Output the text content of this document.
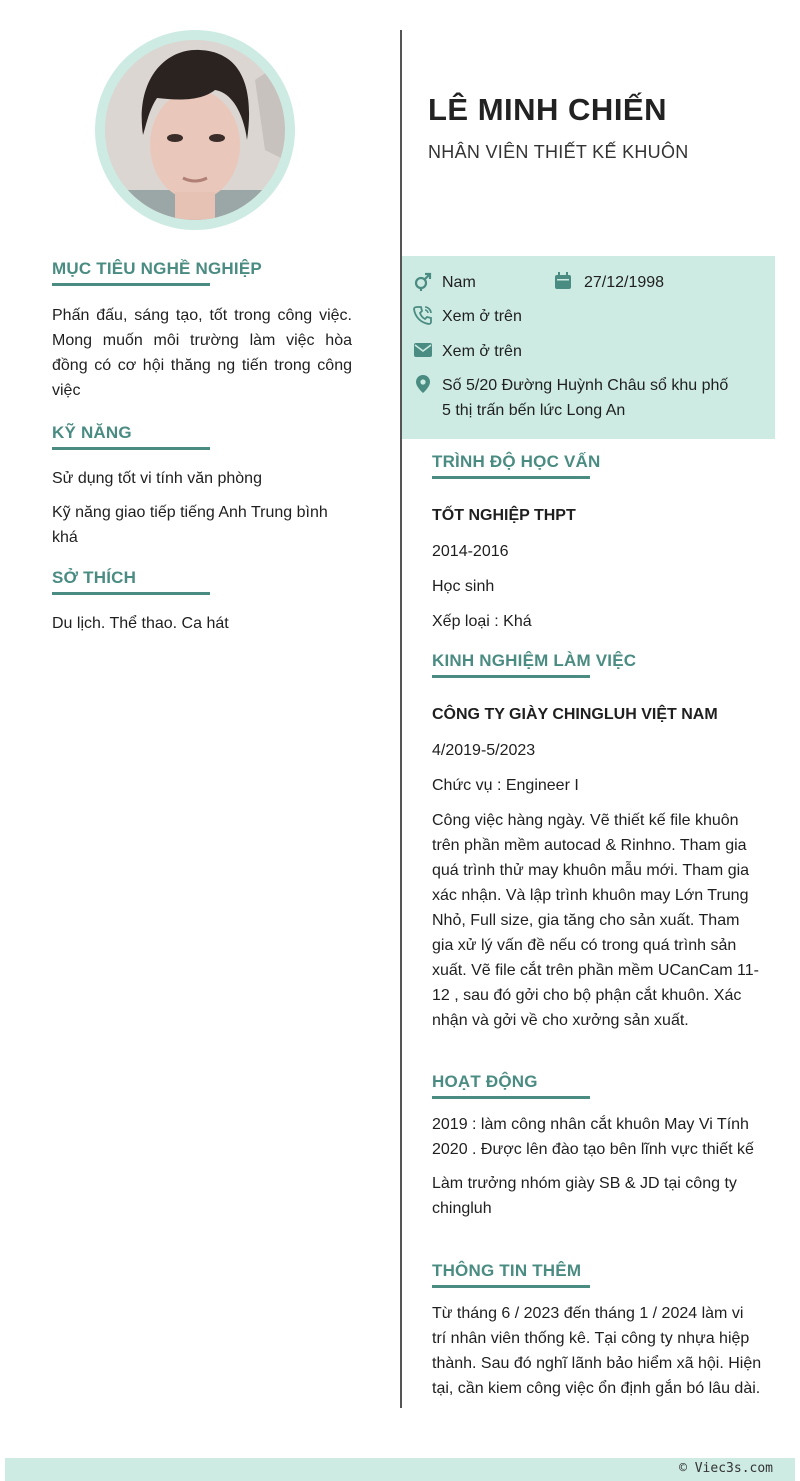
MỤC TIÊU NGHỀ NGHIỆP

Phấn đấu, sáng tạo, tốt trong công việc. Mong muốn môi trường làm việc hòa đồng có cơ hội thăng ng tiến trong công việc

KỸ NĂNG

Sử dụng tốt vi tính văn phòng

Kỹ năng giao tiếp tiếng Anh Trung bình khá

SỞ THÍCH

Du lịch. Thể thao. Ca hát

LÊ MINH CHIẾN
NHÂN VIÊN THIẾT KẾ KHUÔN
Nam	27/12/1998
Xem ở trên
Xem ở trên
Số 5/20 Đường Huỳnh Châu sổ khu phố 5 thị trấn bến lức Long An
TRÌNH ĐỘ HỌC VẤN

TỐT NGHIỆP THPT

2014-2016

Học sinh

Xếp loại : Khá

KINH NGHIỆM LÀM VIỆC

CÔNG TY GIÀY CHINGLUH VIỆT NAM

4/2019-5/2023

Chức vụ : Engineer I

Công việc hàng ngày. Vẽ thiết kế file khuôn trên phần mềm autocad & Rinhno. Tham gia quá trình thử may khuôn mẫu mới. Tham gia xác nhận. Và lập trình khuôn may Lớn Trung Nhỏ, Full size, gia tăng cho sản xuất. Tham gia xử lý vấn đề nếu có trong quá trình sản xuất. Vẽ file cắt trên phần mềm UCanCam 11-12 , sau đó gởi cho bộ phận cắt khuôn. Xác nhận và gởi về cho xưởng sản xuất.

HOẠT ĐỘNG

2019 : làm công nhân cắt khuôn May Vi Tính 2020 . Được lên đào tạo bên lĩnh vực thiết kế

Làm trưởng nhóm giày SB & JD tại công ty chingluh

THÔNG TIN THÊM

Từ tháng 6 / 2023 đến tháng 1 / 2024 làm vi trí nhân viên thống kê. Tại công ty nhựa hiệp thành. Sau đó nghĩ lãnh bảo hiểm xã hội. Hiện tại, cần kiem công việc ổn định gắn bó lâu dài.

© Viec3s.com
